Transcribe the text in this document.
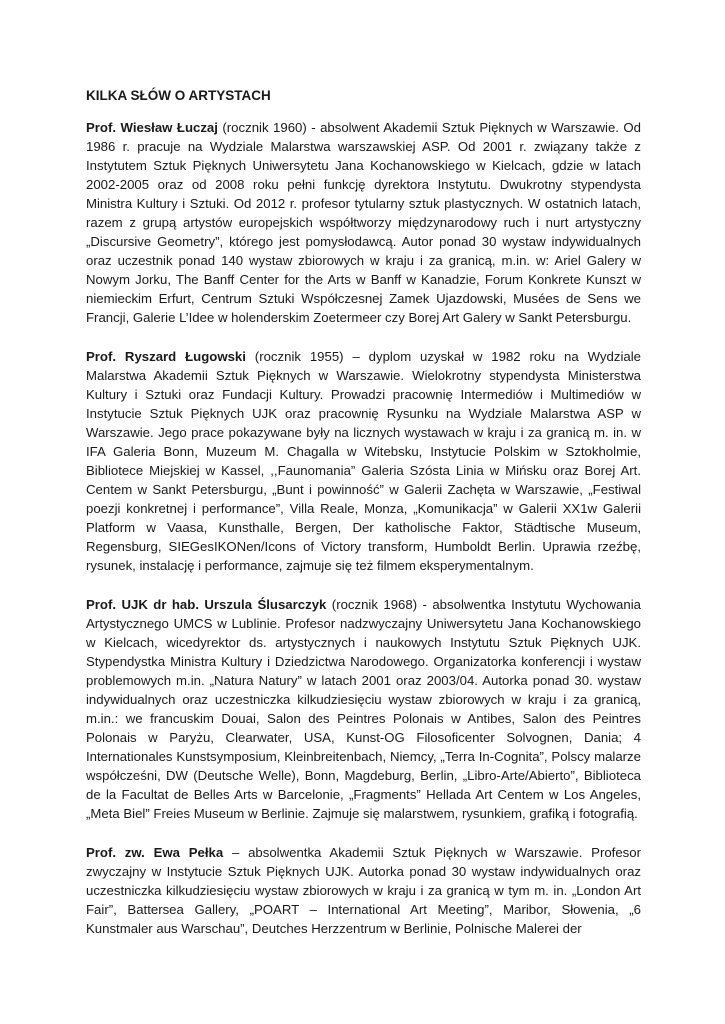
KILKA SŁÓW O ARTYSTACH

Prof. Wiesław Łuczaj (rocznik 1960) - absolwent Akademii Sztuk Pięknych w Warszawie. Od 1986 r. pracuje na Wydziale Malarstwa warszawskiej ASP. Od 2001 r. związany także z Instytutem Sztuk Pięknych Uniwersytetu Jana Kochanowskiego w Kielcach, gdzie w latach 2002-2005 oraz od 2008 roku pełni funkcję dyrektora Instytutu. Dwukrotny stypendysta Ministra Kultury i Sztuki. Od 2012 r. profesor tytularny sztuk plastycznych. W ostatnich latach, razem z grupą artystów europejskich współtworzy międzynarodowy ruch i nurt artystyczny „Discursive Geometry”, którego jest pomysłodawcą. Autor ponad 30 wystaw indywidualnych oraz uczestnik ponad 140 wystaw zbiorowych w kraju i za granicą, m.in. w: Ariel Galery w Nowym Jorku, The Banff Center for the Arts w Banff w Kanadzie, Forum Konkrete Kunszt w niemieckim Erfurt, Centrum Sztuki Współczesnej Zamek Ujazdowski, Musées de Sens we Francji, Galerie L’Idee w holenderskim Zoetermeer czy Borej Art Galery w Sankt Petersburgu.

Prof. Ryszard Ługowski (rocznik 1955) – dyplom uzyskał w 1982 roku na Wydziale Malarstwa Akademii Sztuk Pięknych w Warszawie. Wielokrotny stypendysta Ministerstwa Kultury i Sztuki oraz Fundacji Kultury. Prowadzi pracownię Intermediów i Multimediów w Instytucie Sztuk Pięknych UJK oraz pracownię Rysunku na Wydziale Malarstwa ASP w Warszawie. Jego prace pokazywane były na licznych wystawach w kraju i za granicą m. in. w IFA Galeria Bonn, Muzeum M. Chagalla w Witebsku, Instytucie Polskim w Sztokholmie, Bibliotece Miejskiej w Kassel, ,,Faunomania” Galeria Szósta Linia w Mińsku oraz Borej Art. Centem w Sankt Petersburgu, „Bunt i powinność” w Galerii Zachęta w Warszawie, „Festiwal poezji konkretnej i performance”, Villa Reale, Monza, „Komunikacja” w Galerii XX1w Galerii Platform w Vaasa, Kunsthalle, Bergen, Der katholische Faktor, Städtische Museum, Regensburg, SIEGesIKONen/Icons of Victory transform, Humboldt Berlin. Uprawia rzeźbę, rysunek, instalację i performance, zajmuje się też filmem eksperymentalnym.

Prof. UJK dr hab. Urszula Ślusarczyk (rocznik 1968) - absolwentka Instytutu Wychowania Artystycznego UMCS w Lublinie. Profesor nadzwyczajny Uniwersytetu Jana Kochanowskiego w Kielcach, wicedyrektor ds. artystycznych i naukowych Instytutu Sztuk Pięknych UJK. Stypendystka Ministra Kultury i Dziedzictwa Narodowego. Organizatorka konferencji i wystaw problemowych m.in. „Natura Natury” w latach 2001 oraz 2003/04. Autorka ponad 30. wystaw indywidualnych oraz uczestniczka kilkudziesięciu wystaw zbiorowych w kraju i za granicą, m.in.: we francuskim Douai, Salon des Peintres Polonais w Antibes, Salon des Peintres Polonais w Paryżu, Clearwater, USA, Kunst-OG Filosoficenter Solvognen, Dania; 4 Internationales Kunstsymposium, Kleinbreitenbach, Niemcy, „Terra In-Cognita”, Polscy malarze współcześni, DW (Deutsche Welle), Bonn, Magdeburg, Berlin, „Libro-Arte/Abierto”, Biblioteca de la Facultat de Belles Arts w Barcelonie, „Fragments” Hellada Art Centem w Los Angeles, „Meta Biel” Freies Museum w Berlinie. Zajmuje się malarstwem, rysunkiem, grafiką i fotografią.

Prof. zw. Ewa Pełka – absolwentka Akademii Sztuk Pięknych w Warszawie. Profesor zwyczajny w Instytucie Sztuk Pięknych UJK. Autorka ponad 30 wystaw indywidualnych oraz uczestniczka kilkudziesięciu wystaw zbiorowych w kraju i za granicą w tym m. in. „London Art Fair”, Battersea Gallery, „POART – International Art Meeting”, Maribor, Słowenia, „6 Kunstmaler aus Warschau”, Deutches Herzzentrum w Berlinie, Polnische Malerei der
